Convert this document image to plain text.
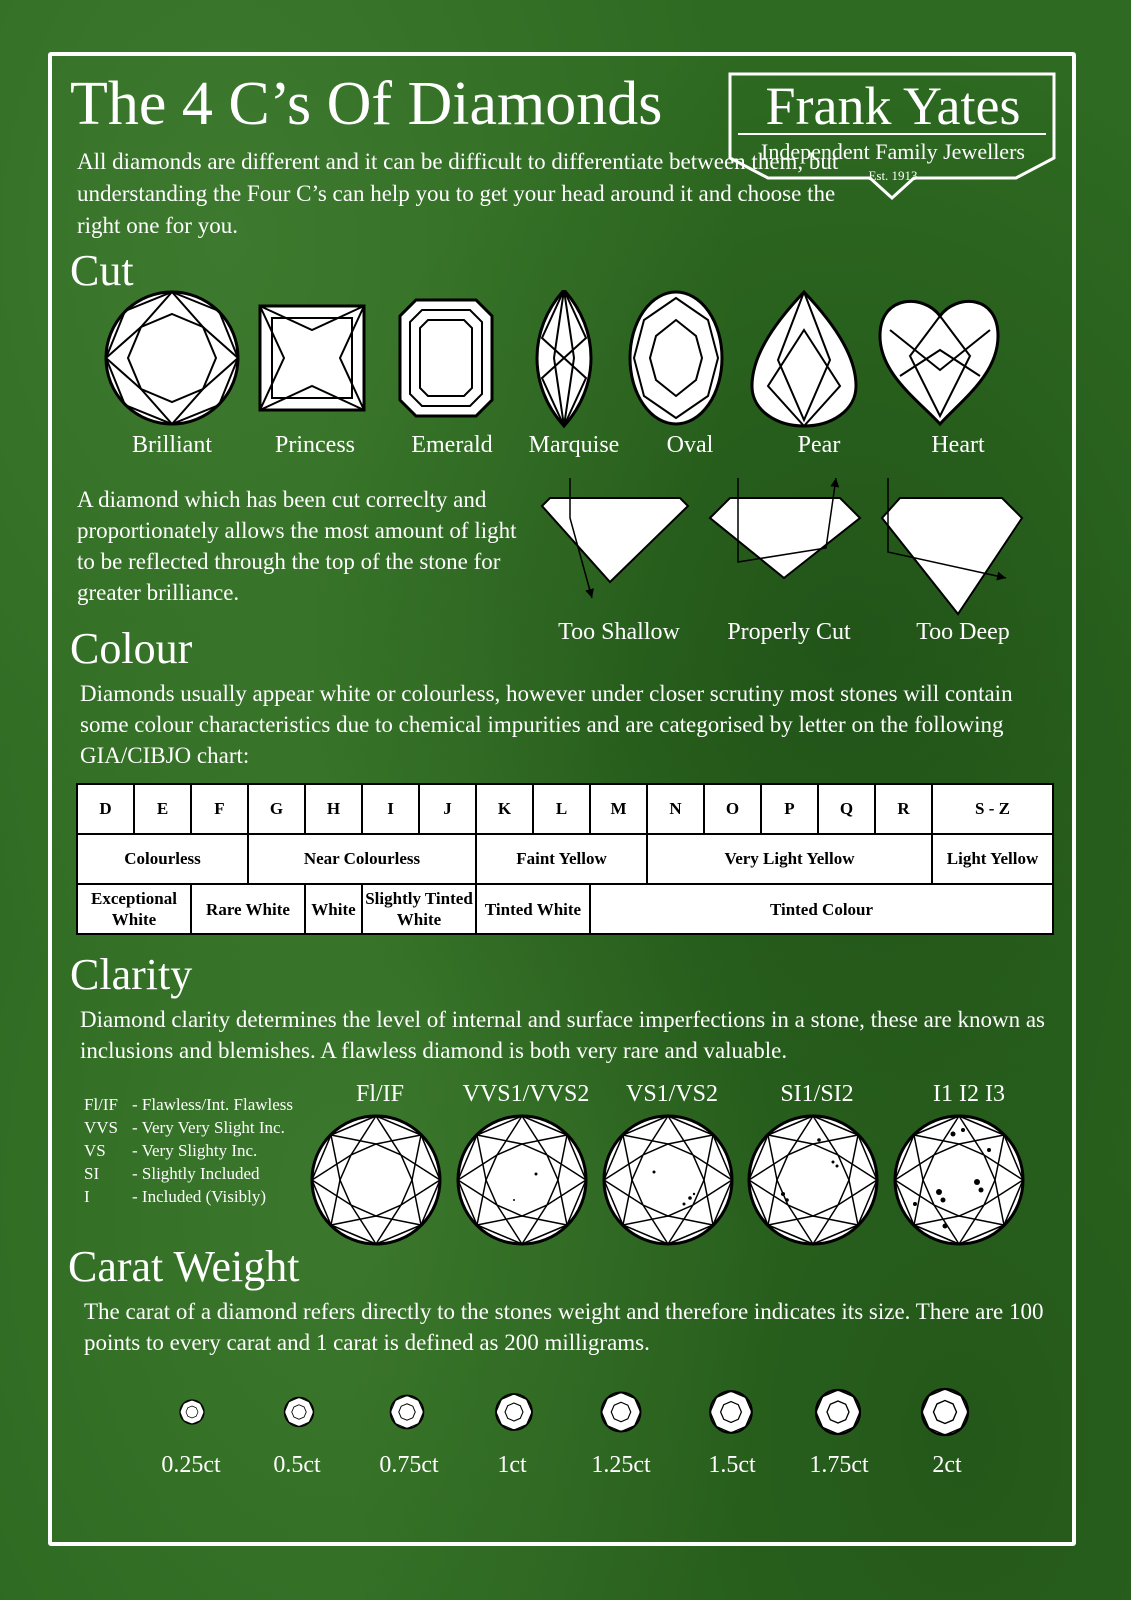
The 4 C’s Of Diamonds	Frank Yates
Independent Family Jewellers
Est. 1913
All diamonds are different and it can be difficult to differentiate between them, but understanding the Four C’s can help you to get your head around it and choose the right one for you.
Cut
Brilliant	Princess	Emerald	Marquise	Oval	Pear	Heart
A diamond which has been cut correclty and proportionately allows the most amount of light to be reflected through the top of the stone for greater brilliance.
Too Shallow	Properly Cut	Too Deep
Colour
Diamonds usually appear white or colourless, however under closer scrutiny most stones will contain some colour characteristics due to chemical impurities and are categorised by letter on the following GIA/CIBJO chart:
D	E	F	G	H	I	J	K	L	M	N	O	P	Q	R	S - Z
Colourless			Near Colourless				Faint Yellow			Very Light Yellow					Light Yellow
Exceptional White		Rare White		White	Slightly Tinted White		Tinted White		Tinted Colour						
Clarity
Diamond clarity determines the level of internal and surface imperfections in a stone, these are known as inclusions and blemishes. A flawless diamond is both very rare and valuable.
Fl/IF - Flawless/Int. Flawless
VVS - Very Very Slight Inc.
VS - Very Slighty Inc.
SI - Slightly Included
I - Included (Visibly)
Fl/IF	VVS1/VVS2	VS1/VS2	SI1/SI2	I1 I2 I3
Carat Weight
The carat of a diamond refers directly to the stones weight and therefore indicates its size. There are 100 points to every carat and 1 carat is defined as 200 milligrams.
0.25ct	0.5ct	0.75ct	1ct	1.25ct	1.5ct	1.75ct	2ct
